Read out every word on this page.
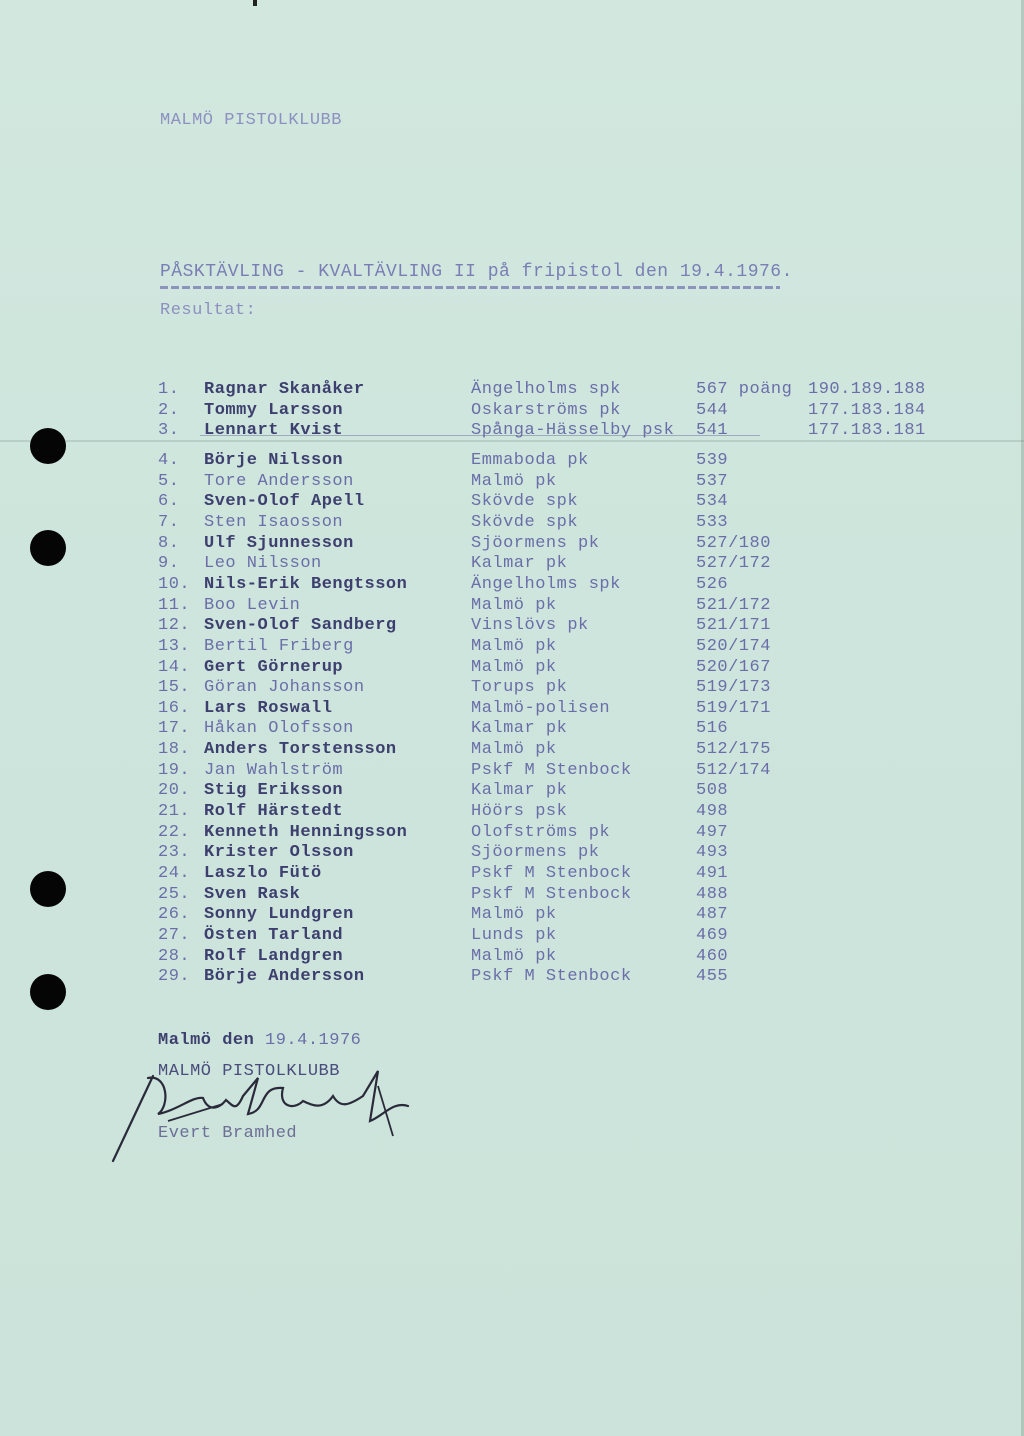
MALMÖ PISTOLKLUBB
PÅSKTÄVLING - KVALTÄVLING II på fripistol den 19.4.1976.
Resultat:
1. Ragnar Skanåker	Ängelholms spk	567 poäng 190.189.188
2. Tommy Larsson	Oskarströms pk	544	177.183.184
3. Lennart Kvist	Spånga-Hässelby psk 541	177.183.181
4. Börje Nilsson	Emmaboda pk	539
5. Tore Andersson	Malmö pk	537
6. Sven-Olof Apell	Skövde spk	534
7. Sten Isaosson	Skövde spk	533
8. Ulf Sjunnesson	Sjöormens pk	527/180
9. Leo Nilsson	Kalmar pk	527/172
10. Nils-Erik Bengtsson	Ängelholms spk	526
11. Boo Levin	Malmö pk	521/172
12. Sven-Olof Sandberg	Vinslövs pk	521/171
13. Bertil Friberg	Malmö pk	520/174
14. Gert Görnerup	Malmö pk	520/167
15. Göran Johansson	Torups pk	519/173
16. Lars Roswall	Malmö-polisen	519/171
17. Håkan Olofsson	Kalmar pk	516
18. Anders Torstensson	Malmö pk	512/175
19. Jan Wahlström	Pskf M Stenbock	512/174
20. Stig Eriksson	Kalmar pk	508
21. Rolf Härstedt	Höörs psk	498
22. Kenneth Henningsson	Olofströms pk	497
23. Krister Olsson	Sjöormens pk	493
24. Laszlo Fütö	Pskf M Stenbock	491
25. Sven Rask	Pskf M Stenbock	488
26. Sonny Lundgren	Malmö pk	487
27. Östen Tarland	Lunds pk	469
28. Rolf Landgren	Malmö pk	460
29. Börje Andersson	Pskf M Stenbock	455
Malmö den 19.4.1976
MALMÖ PISTOLKLUBB
Evert Bramhed
